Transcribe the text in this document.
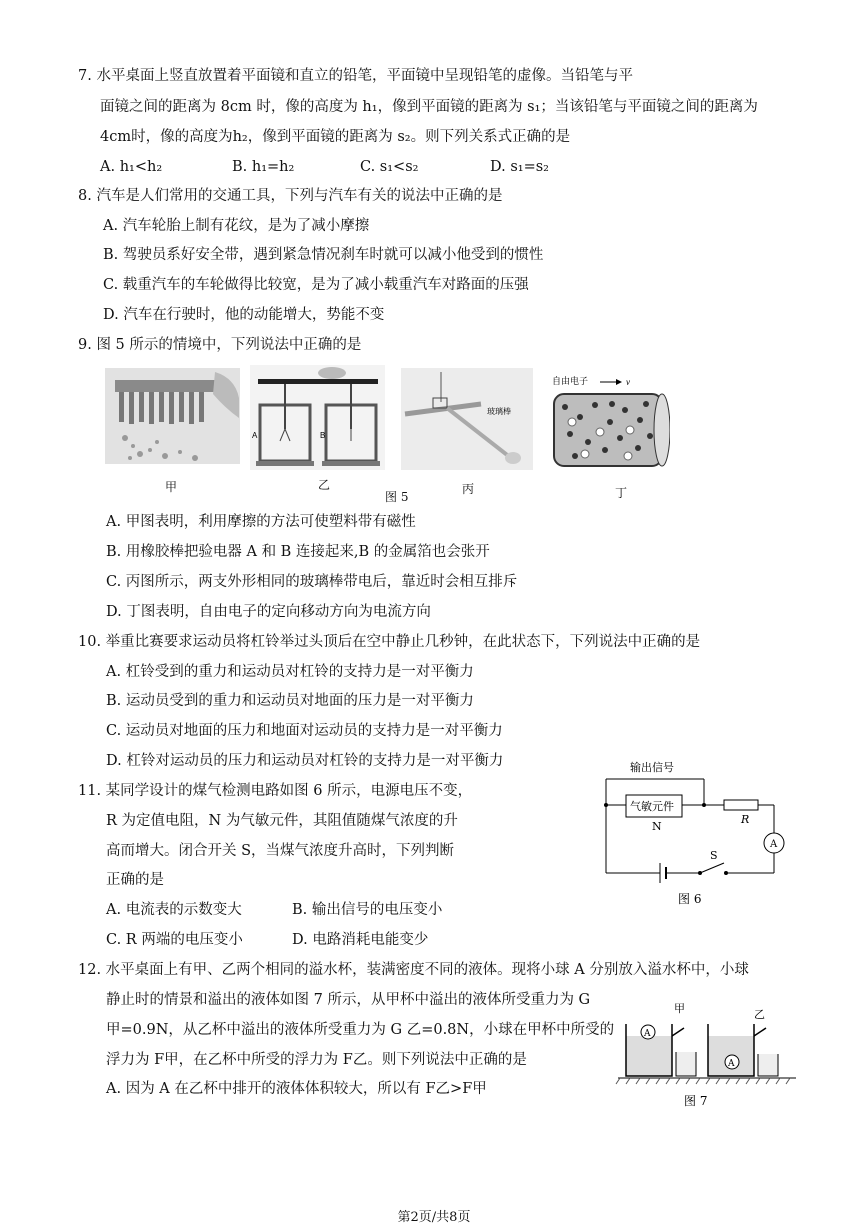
7. 水平桌面上竖直放置着平面镜和直立的铅笔，平面镜中呈现铅笔的虚像。当铅笔与平
面镜之间的距离为 8cm 时，像的高度为 h₁，像到平面镜的距离为 s₁；当该铅笔与平面镜之间的距离为
4cm时，像的高度为h₂，像到平面镜的距离为 s₂。则下列关系式正确的是
A. h₁<h₂	B. h₁=h₂	C. s₁<s₂	D. s₁=s₂
8. 汽车是人们常用的交通工具，下列与汽车有关的说法中正确的是
A. 汽车轮胎上制有花纹，是为了减小摩擦
B. 驾驶员系好安全带，遇到紧急情况刹车时就可以减小他受到的惯性
C. 载重汽车的车轮做得比较宽，是为了减小载重汽车对路面的压强
D. 汽车在行驶时，他的动能增大，势能不变
9. 图 5 所示的情境中，下列说法中正确的是
A	B
玻璃棒
自由电子	v
甲	乙
图 5
丙	丁
A. 甲图表明，利用摩擦的方法可使塑料带有磁性
B. 用橡胶棒把验电器 A 和 B 连接起来,B 的金属箔也会张开
C. 丙图所示，两支外形相同的玻璃棒带电后，靠近时会相互排斥
D. 丁图表明，自由电子的定向移动方向为电流方向
10. 举重比赛要求运动员将杠铃举过头顶后在空中静止几秒钟，在此状态下，下列说法中正确的是
A. 杠铃受到的重力和运动员对杠铃的支持力是一对平衡力
B. 运动员受到的重力和运动员对地面的压力是一对平衡力
C. 运动员对地面的压力和地面对运动员的支持力是一对平衡力
D. 杠铃对运动员的压力和运动员对杠铃的支持力是一对平衡力
11. 某同学设计的煤气检测电路如图 6 所示，电源电压不变，
R 为定值电阻，N 为气敏元件，其阻值随煤气浓度的升
高而增大。闭合开关 S，当煤气浓度升高时，下列判断
正确的是
A. 电流表的示数变大	B. 输出信号的电压变小
C. R 两端的电压变小	D. 电路消耗电能变少
输出信号
气敏元件
N
R
A
S
图 6
12. 水平桌面上有甲、乙两个相同的溢水杯，装满密度不同的液体。现将小球 A 分别放入溢水杯中，小球
静止时的情景和溢出的液体如图 7 所示，从甲杯中溢出的液体所受重力为 G
甲=0.9N，从乙杯中溢出的液体所受重力为 G 乙=0.8N，小球在甲杯中所受的
浮力为 F甲，在乙杯中所受的浮力为 F乙。则下列说法中正确的是
A. 因为 A 在乙杯中排开的液体体积较大，所以有 F乙>F甲
甲	乙
A
A
图 7
第2页/共8页
